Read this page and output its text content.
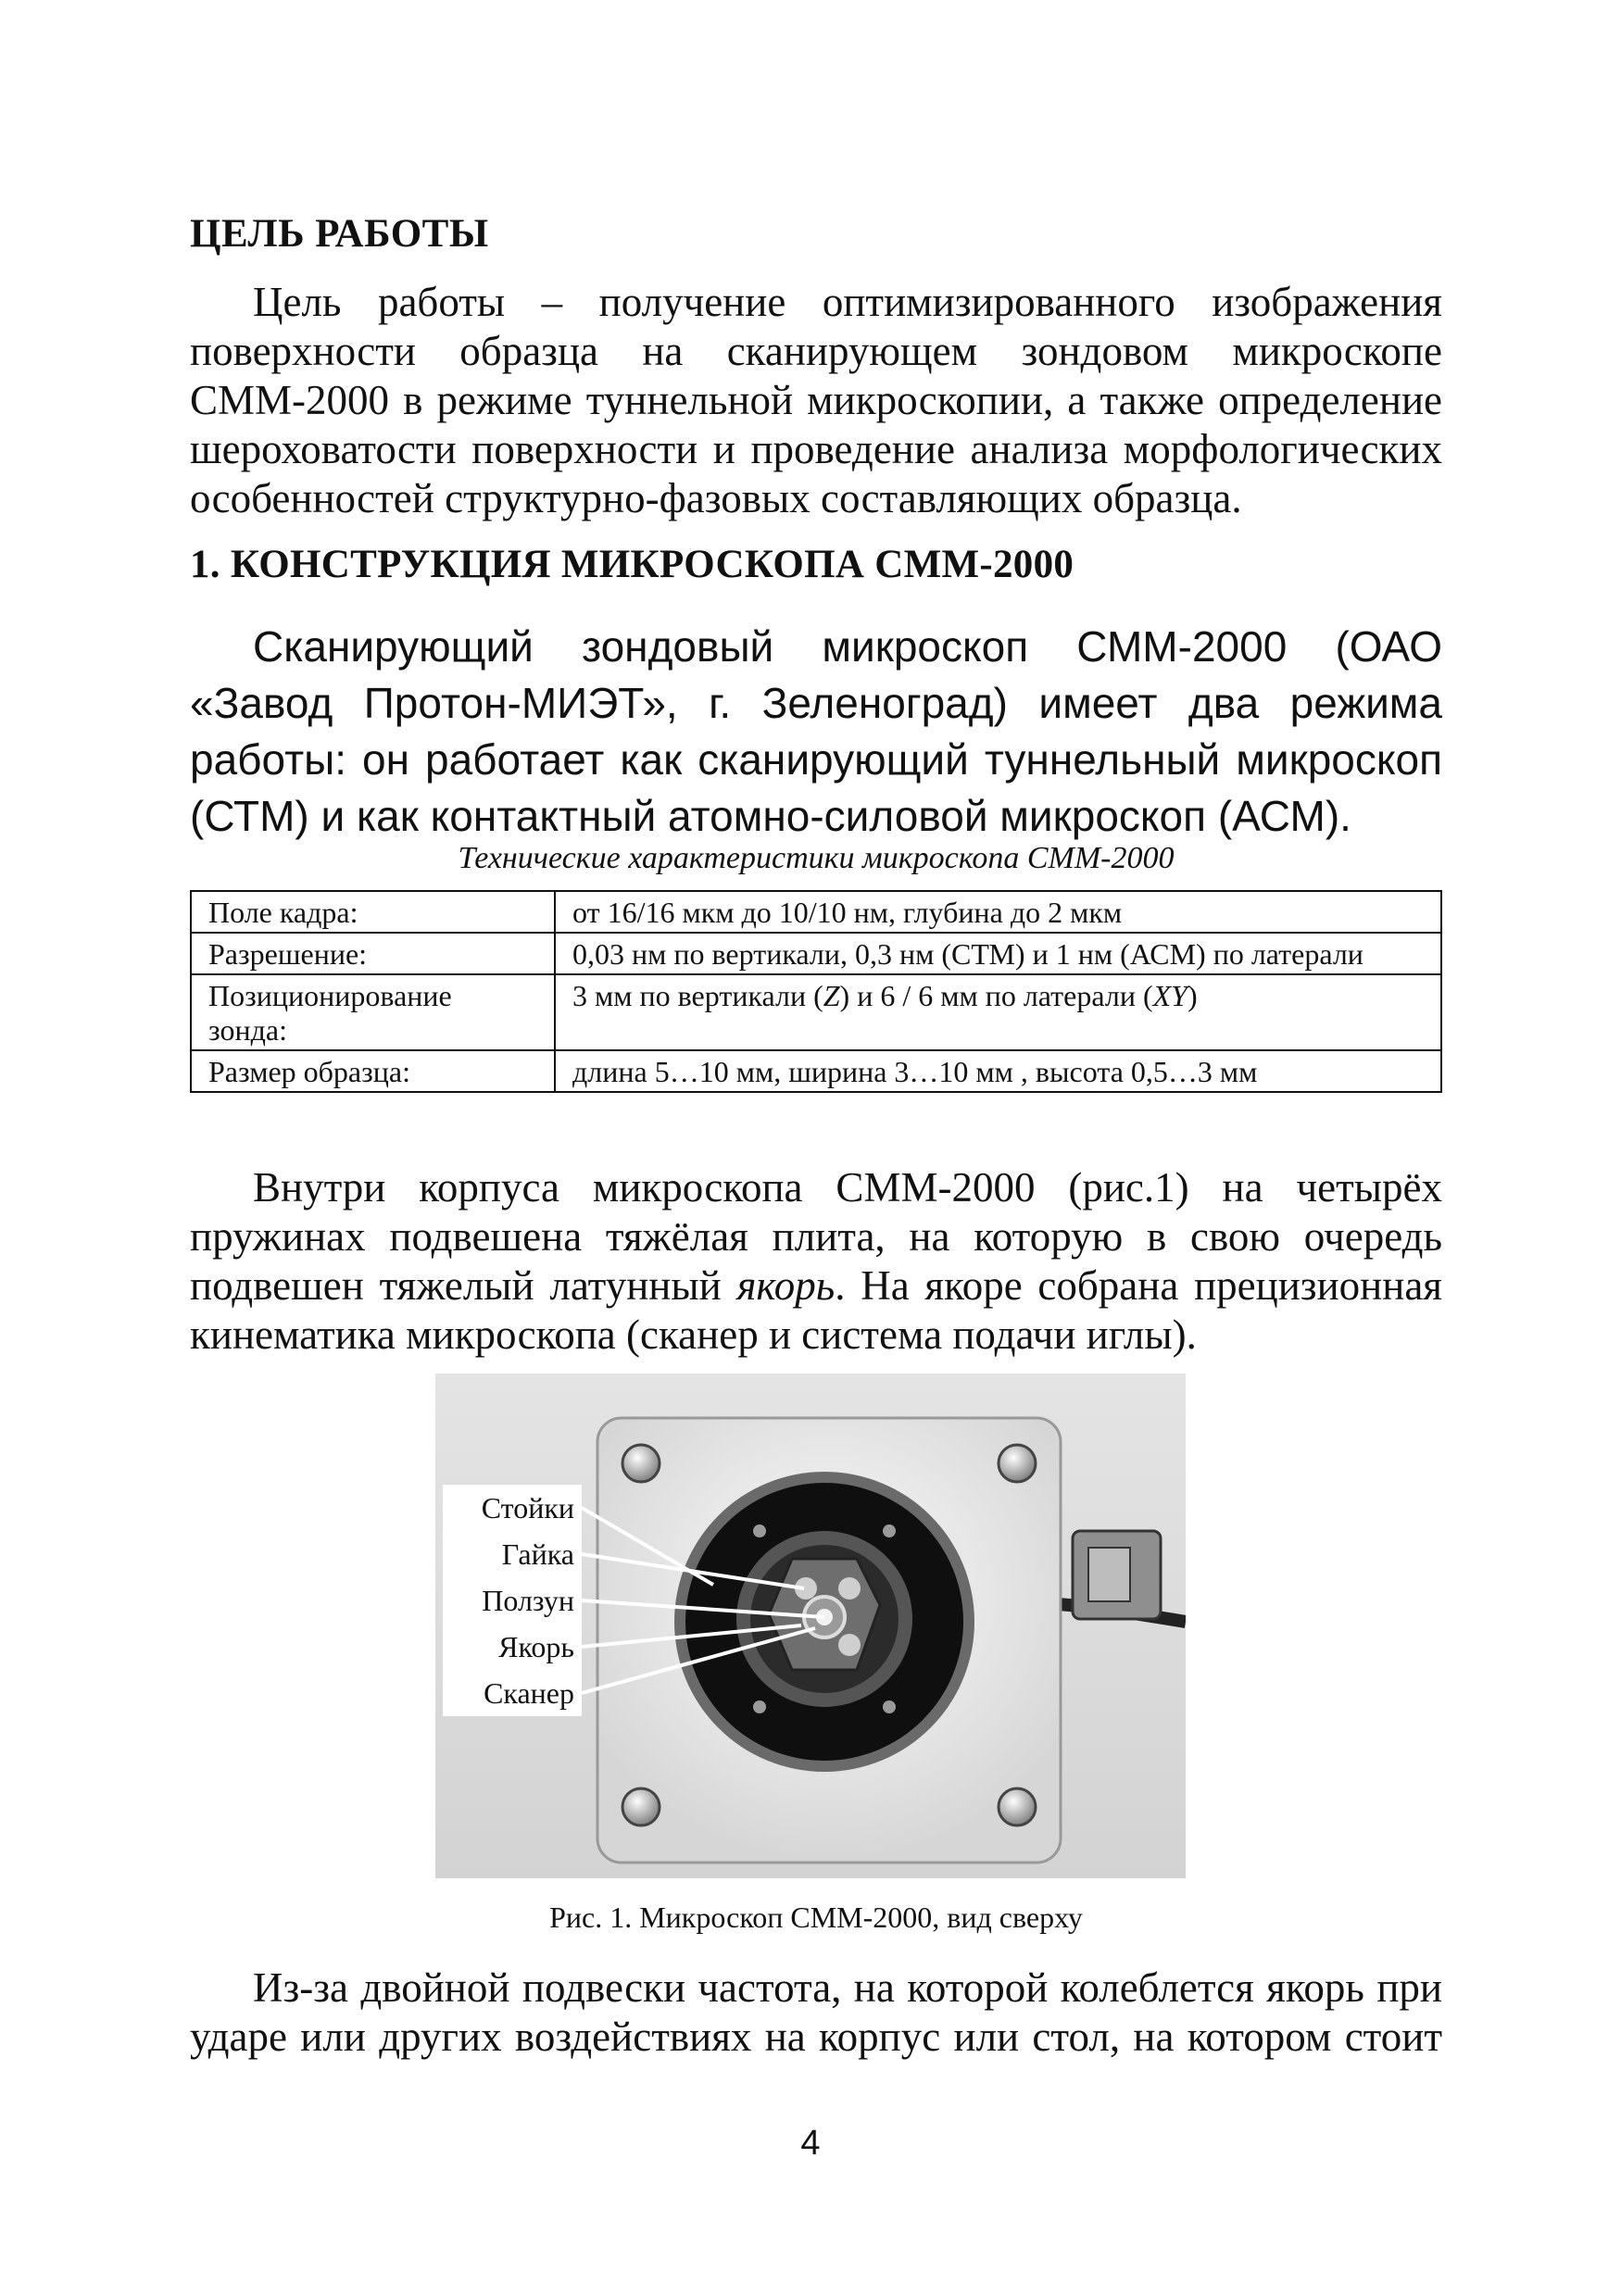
ЦЕЛЬ РАБОТЫ

Цель работы – получение оптимизированного изображения поверхности образца на сканирующем зондовом микроскопе СММ-2000 в режиме туннельной микроскопии, а также определение шероховатости поверхности и проведение анализа морфологических особенностей структурно-фазовых составляющих образца.

1. КОНСТРУКЦИЯ МИКРОСКОПА СММ-2000

Сканирующий зондовый микроскоп СММ-2000 (ОАО «Завод Протон-МИЭТ», г. Зеленоград) имеет два режима работы: он работает как сканирующий туннельный микроскоп (СТМ) и как контактный атомно-силовой микроскоп (АСМ).

Технические характеристики микроскопа СММ-2000
Поле кадра:	от 16/16 мкм до 10/10 нм, глубина до 2 мкм
Разрешение:	0,03 нм по вертикали, 0,3 нм (СТМ) и 1 нм (АСМ) по латерали
Позиционирование зонда:	3 мм по вертикали (Z) и 6 / 6 мм по латерали (XY)
Размер образца:	длина 5…10 мм, ширина 3…10 мм , высота 0,5…3 мм

Внутри корпуса микроскопа СММ-2000 (рис.1) на четырёх пружинах подвешена тяжёлая плита, на которую в свою очередь подвешен тяжелый латунный якорь. На якоре собрана прецизионная кинематика микроскопа (сканер и система подачи иглы).

Стойки
Гайка
Ползун
Якорь
Сканер
Рис. 1. Микроскоп СММ-2000, вид сверху

Из-за двойной подвески частота, на которой колеблется якорь при ударе или других воздействиях на корпус или стол, на котором стоит

4
